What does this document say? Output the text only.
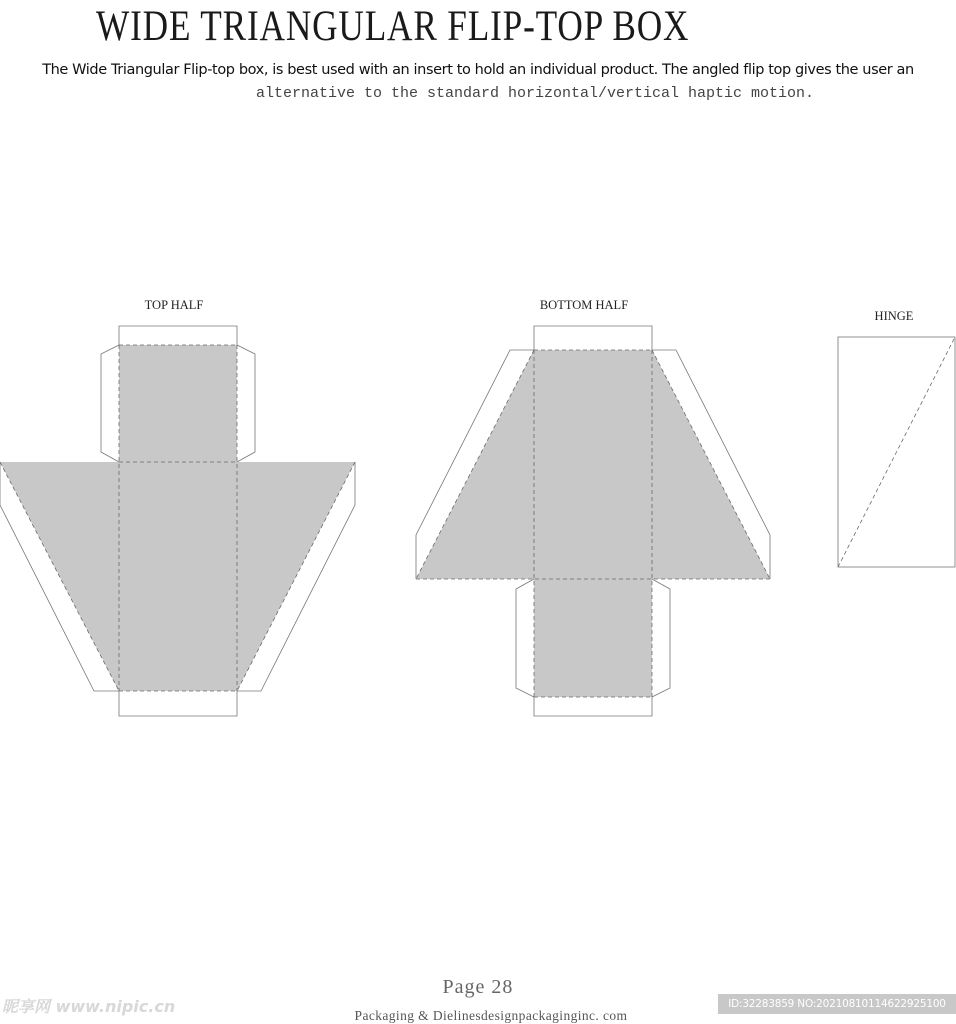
WIDE TRIANGULAR FLIP-TOP BOX
The Wide Triangular Flip-top box, is best used with an insert to hold an individual product. The angled flip top gives the user an
alternative to the standard horizontal/vertical haptic motion.
TOP HALF	BOTTOM HALF
HINGE
Page 28
Packaging & Dielinesdesignpackaginginc. com
昵享网 www.nipic.cn	ID:32283859 NO:20210810114622925100
